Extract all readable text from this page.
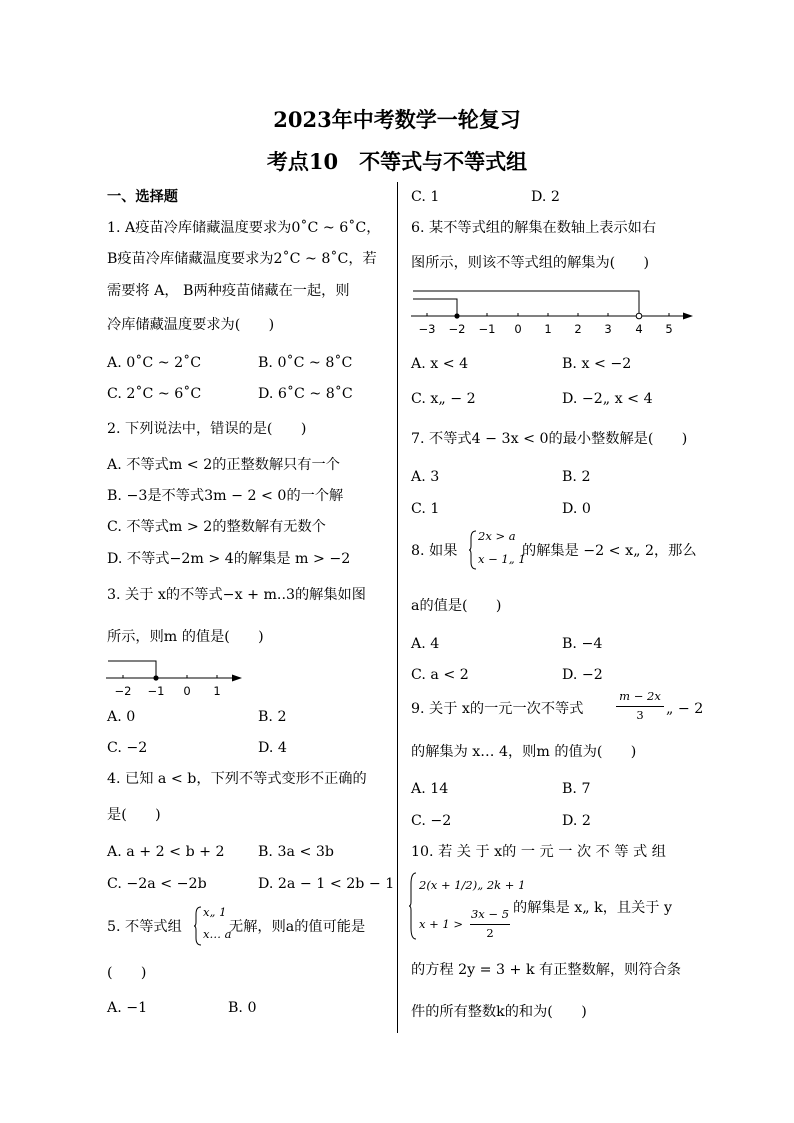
2023年中考数学一轮复习
考点10　不等式与不等式组
一、选择题
1. A疫苗冷库储藏温度要求为0˚C ~ 6˚C，
B疫苗冷库储藏温度要求为2˚C ~ 8˚C，若
需要将 A， B两种疫苗储藏在一起，则
冷库储藏温度要求为(　　)
A. 0˚C ~ 2˚C	B. 0˚C ~ 8˚C
C. 2˚C ~ 6˚C	D. 6˚C ~ 8˚C
2. 下列说法中，错误的是(　　)
A. 不等式m < 2的正整数解只有一个
B. −3是不等式3m − 2 < 0的一个解
C. 不等式m > 2的整数解有无数个
D. 不等式−2m > 4的解集是 m > −2
3. 关于 x的不等式−x + m..3的解集如图
所示，则m 的值是(　　)
−2 −1	0	1
A. 0	B. 2
C. −2	D. 4
4. 已知 a < b，下列不等式变形不正确的
是(　　)
A. a + 2 < b + 2 B. 3a < 3b
C. −2a < −2b	D. 2a − 1 < 2b − 1
5. 不等式组
x„ 1
x… a
无解，则a的值可能是
(　　)
A. −1	B. 0
C. 1	D. 2
6. 某不等式组的解集在数轴上表示如右
图所示，则该不等式组的解集为(　　)
−3 −2 −1	0	1	2	3	4	5
A. x < 4	B. x < −2
C. x„ − 2	D. −2„ x < 4
7. 不等式4 − 3x < 0的最小整数解是(　　)
A. 3	B. 2
C. 1	D. 0
8. 如果
2x > a
x − 1„ 1
的解集是 −2 < x„ 2，那么
a的值是(　　)
A. 4	B. −4
C. a < 2	D. −2
9. 关于 x的一元一次不等式
m − 2x
3	„ − 2
的解集为 x… 4，则m 的值为(　　)
A. 14	B. 7
C. −2	D. 2
10. 若 关 于 x的 一 元 一 次 不 等 式 组
2(x + 1/2)„ 2k + 1
x + 1 >
3x − 5
2
的解集是 x„ k，且关于 y
的方程 2y = 3 + k 有正整数解，则符合条
件的所有整数k的和为(　　)
